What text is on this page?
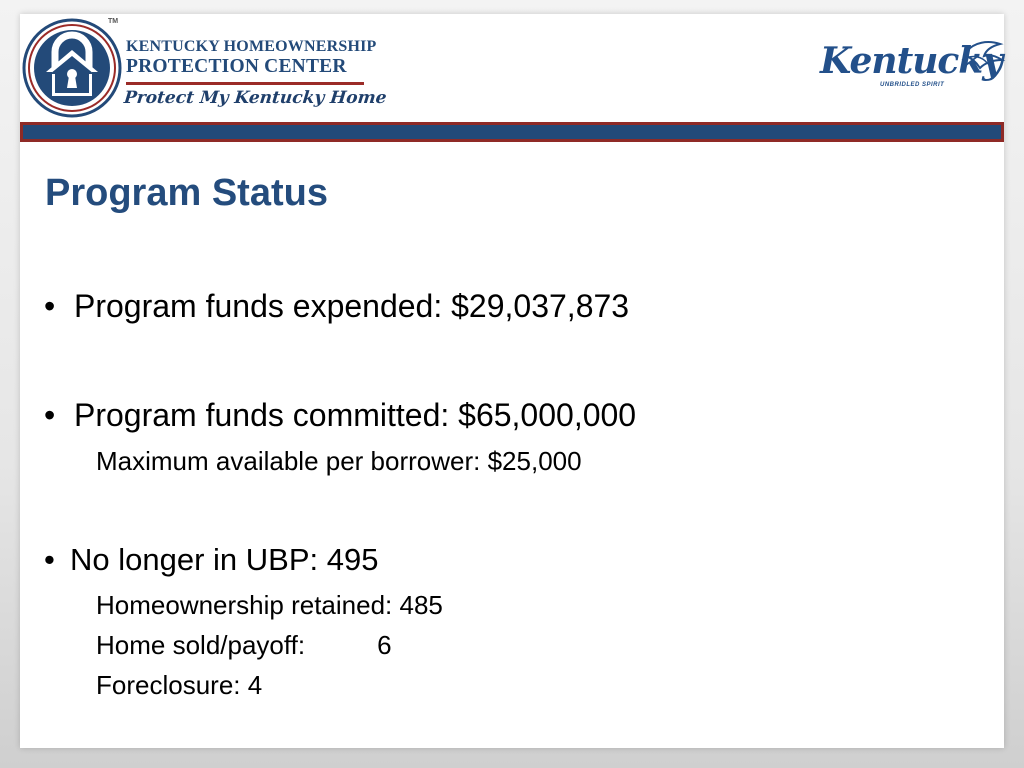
TM
KENTUCKY HOMEOWNERSHIP
PROTECTION CENTER
Protect My Kentucky Home
Kentucky
UNBRIDLED SPIRIT
Program Status
• Program funds expended: $29,037,873
• Program funds committed: $65,000,000
Maximum available per borrower: $25,000
• No longer in UBP: 495
Homeownership retained: 485
Home sold/payoff:	6
Foreclosure: 4
